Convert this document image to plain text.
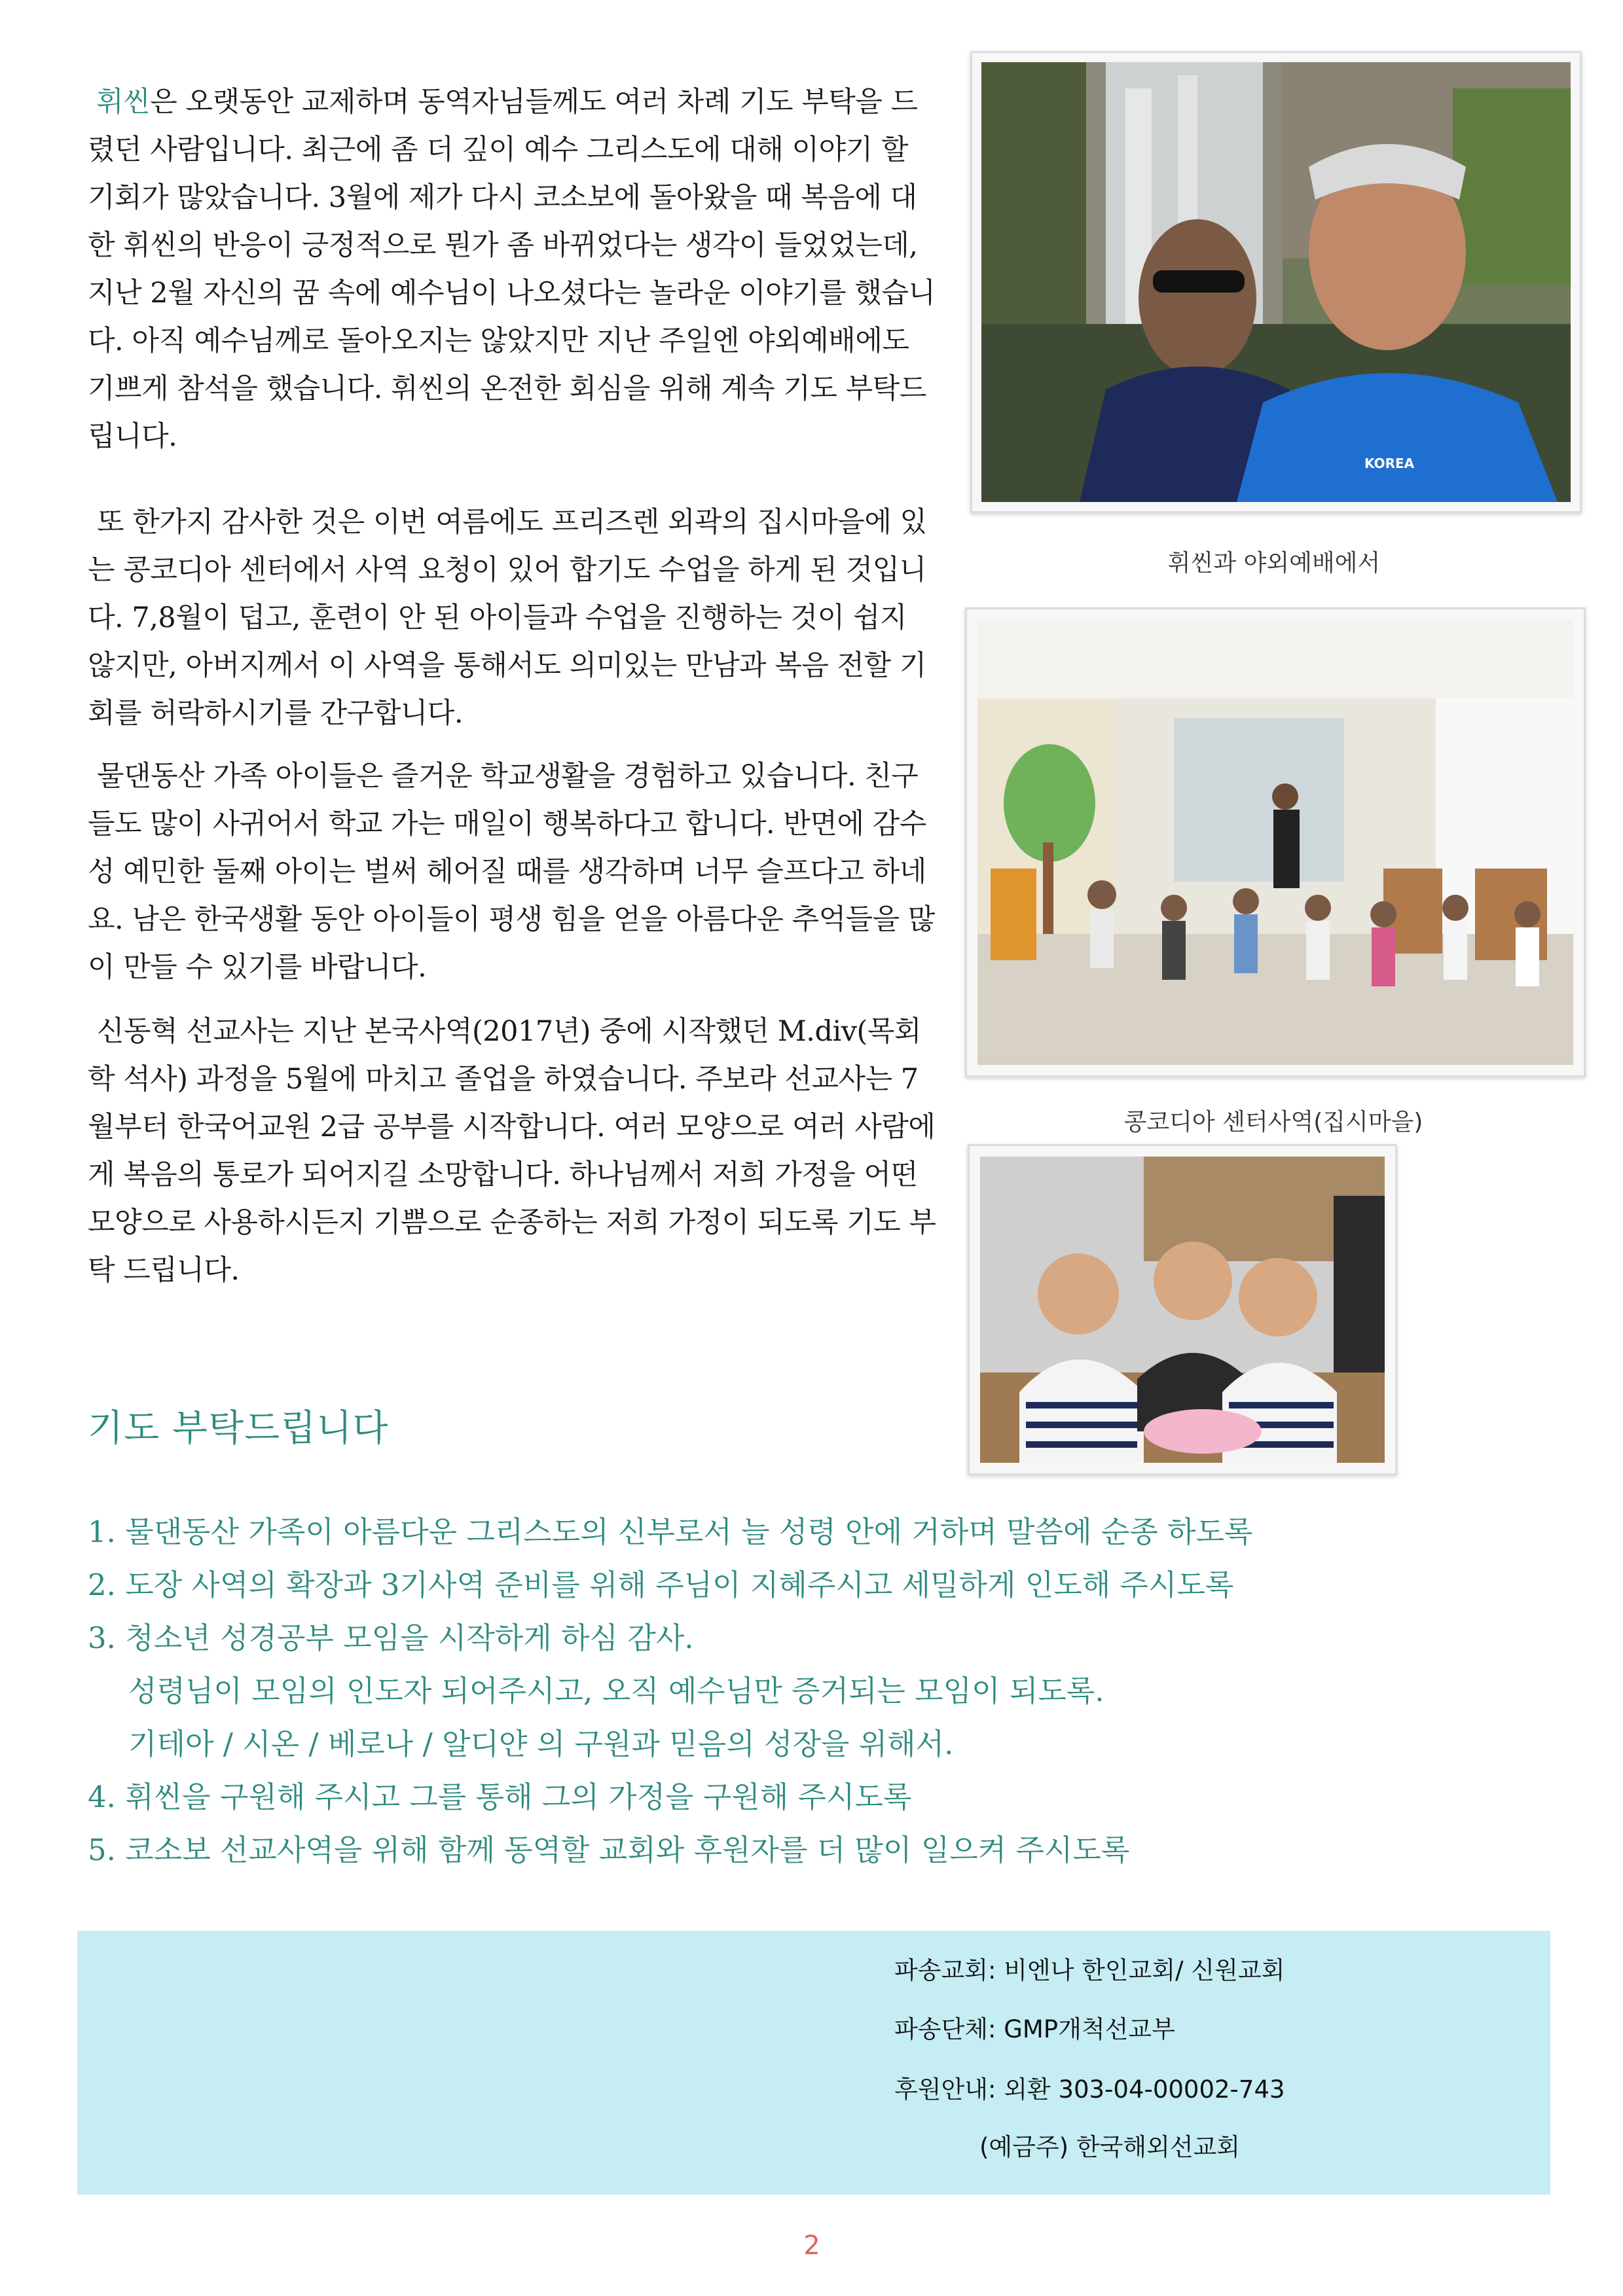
휘씬은 오랫동안 교제하며 동역자님들께도 여러 차례 기도 부탁을 드렸던 사람입니다. 최근에 좀 더 깊이 예수 그리스도에 대해 이야기 할 기회가 많았습니다. 3월에 제가 다시 코소보에 돌아왔을 때 복음에 대한 휘씬의 반응이 긍정적으로 뭔가 좀 바뀌었다는 생각이 들었었는데, 지난 2월 자신의 꿈 속에 예수님이 나오셨다는 놀라운 이야기를 했습니다. 아직 예수님께로 돌아오지는 않았지만 지난 주일엔 야외예배에도 기쁘게 참석을 했습니다. 휘씬의 온전한 회심을 위해 계속 기도 부탁드립니다.

또 한가지 감사한 것은 이번 여름에도 프리즈렌 외곽의 집시마을에 있는 콩코디아 센터에서 사역 요청이 있어 합기도 수업을 하게 된 것입니다. 7,8월이 덥고, 훈련이 안 된 아이들과 수업을 진행하는 것이 쉽지 않지만, 아버지께서 이 사역을 통해서도 의미있는 만남과 복음 전할 기회를 허락하시기를 간구합니다.

물댄동산 가족 아이들은 즐거운 학교생활을 경험하고 있습니다. 친구들도 많이 사귀어서 학교 가는 매일이 행복하다고 합니다. 반면에 감수성 예민한 둘째 아이는 벌써 헤어질 때를 생각하며 너무 슬프다고 하네요. 남은 한국생활 동안 아이들이 평생 힘을 얻을 아름다운 추억들을 많이 만들 수 있기를 바랍니다.

신동혁 선교사는 지난 본국사역(2017년) 중에 시작했던 M.div(목회학 석사) 과정을 5월에 마치고 졸업을 하였습니다. 주보라 선교사는 7월부터 한국어교원 2급 공부를 시작합니다. 여러 모양으로 여러 사람에게 복음의 통로가 되어지길 소망합니다. 하나님께서 저희 가정을 어떤 모양으로 사용하시든지 기쁨으로 순종하는 저희 가정이 되도록 기도 부탁 드립니다.

KOREA
휘씬과 야외예배에서
콩코디아 센터사역(집시마을)
기도 부탁드립니다
1. 물댄동산 가족이 아름다운 그리스도의 신부로서 늘 성령 안에 거하며 말씀에 순종 하도록
2. 도장 사역의 확장과 3기사역 준비를 위해 주님이 지혜주시고 세밀하게 인도해 주시도록
3. 청소년 성경공부 모임을 시작하게 하심 감사.
성령님이 모임의 인도자 되어주시고, 오직 예수님만 증거되는 모임이 되도록.
기테아 / 시온 / 베로나 / 알디얀 의 구원과 믿음의 성장을 위해서.
4. 휘씬을 구원해 주시고 그를 통해 그의 가정을 구원해 주시도록
5. 코소보 선교사역을 위해 함께 동역할 교회와 후원자를 더 많이 일으켜 주시도록
파송교회: 비엔나 한인교회/ 신원교회
파송단체: GMP개척선교부
후원안내: 외환 303-04-00002-743
(예금주) 한국해외선교회
2
